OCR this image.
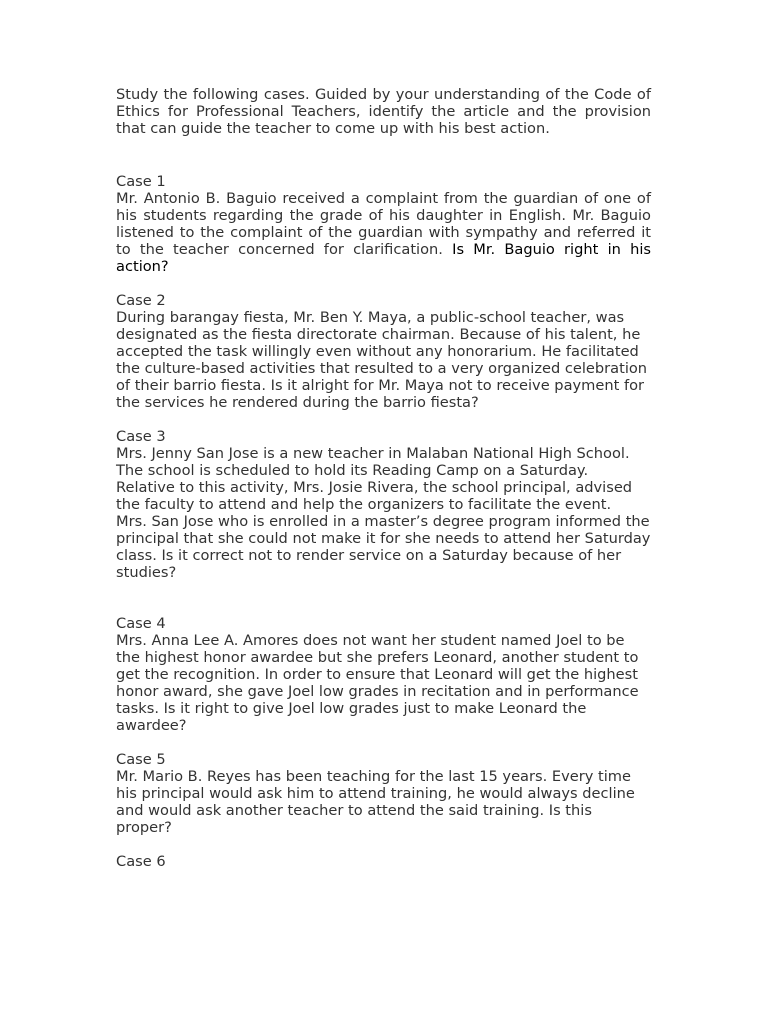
Study the following cases. Guided by your understanding of the Code of Ethics for Professional Teachers, identify the article and the provision that can guide the teacher to come up with his best action.

Case 1

Mr. Antonio B. Baguio received a complaint from the guardian of one of his students regarding the grade of his daughter in English. Mr. Baguio listened to the complaint of the guardian with sympathy and referred it to the teacher concerned for clarification. Is Mr. Baguio right in his action?

Case 2

During barangay fiesta, Mr. Ben Y. Maya, a public-school teacher, was designated as the fiesta directorate chairman. Because of his talent, he accepted the task willingly even without any honorarium. He facilitated the culture-based activities that resulted to a very organized celebration of their barrio fiesta. Is it alright for Mr. Maya not to receive payment for the services he rendered during the barrio fiesta?

Case 3

Mrs. Jenny San Jose is a new teacher in Malaban National High School. The school is scheduled to hold its Reading Camp on a Saturday. Relative to this activity, Mrs. Josie Rivera, the school principal, advised the faculty to attend and help the organizers to facilitate the event.

Mrs. San Jose who is enrolled in a master’s degree program informed the principal that she could not make it for she needs to attend her Saturday class. Is it correct not to render service on a Saturday because of her studies?

Case 4

Mrs. Anna Lee A. Amores does not want her student named Joel to be the highest honor awardee but she prefers Leonard, another student to get the recognition. In order to ensure that Leonard will get the highest honor award, she gave Joel low grades in recitation and in performance tasks. Is it right to give Joel low grades just to make Leonard the awardee?

Case 5

Mr. Mario B. Reyes has been teaching for the last 15 years. Every time his principal would ask him to attend training, he would always decline and would ask another teacher to attend the said training. Is this proper?

Case 6
